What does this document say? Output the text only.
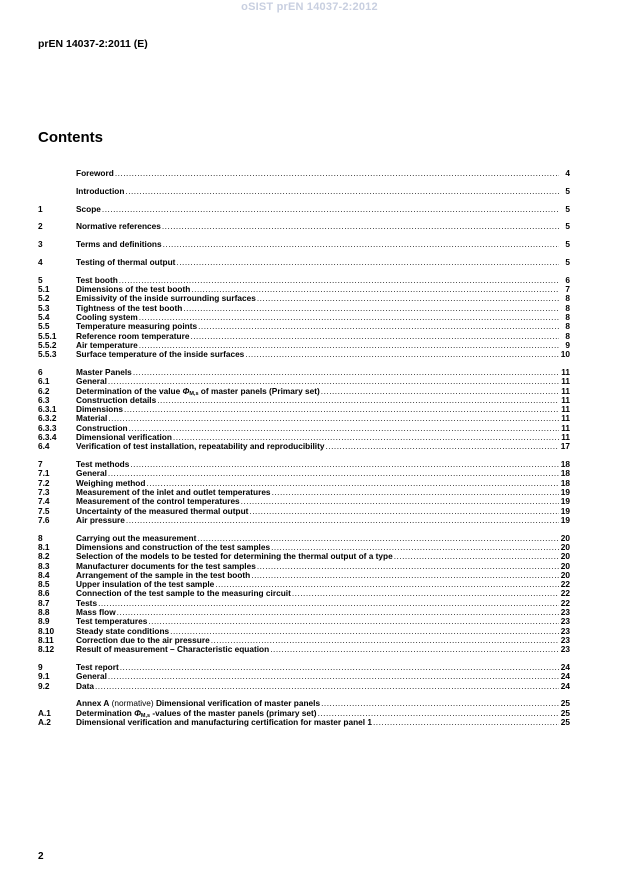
oSIST prEN 14037-2:2012
prEN 14037-2:2011 (E)
Contents
Foreword .....	4
Introduction .....	5
1	Scope .....	5
2	Normative references .....	5
3	Terms and definitions .....	5
4	Testing of thermal output .....	5
5	Test booth .....	6
5.1	Dimensions of the test booth .....	7
5.2	Emissivity of the inside surrounding surfaces .....	8
5.3	Tightness of the test booth .....	8
5.4	Cooling system .....	8
5.5	Temperature measuring points .....	8
5.5.1	Reference room temperature .....	8
5.5.2	Air temperature .....	9
5.5.3	Surface temperature of the inside surfaces .....	10
6	Master Panels .....	11
6.1	General .....	11
6.2	Determination of the value $\Phi_{M,s}$ of master panels (Primary set) .....	11
6.3	Construction details .....	11
6.3.1	Dimensions .....	11
6.3.2	Material .....	11
6.3.3	Construction .....	11
6.3.4	Dimensional verification .....	11
6.4	Verification of test installation, repeatability and reproducibility .....	17
7	Test methods .....	18
7.1	General .....	18
7.2	Weighing method .....	18
7.3	Measurement of the inlet and outlet temperatures .....	19
7.4	Measurement of the control temperatures .....	19
7.5	Uncertainty of the measured thermal output .....	19
7.6	Air pressure .....	19
8	Carrying out the measurement .....	20
8.1	Dimensions and construction of the test samples .....	20
8.2	Selection of the models to be tested for determining the thermal output of a type .....	20
8.3	Manufacturer documents for the test samples .....	20
8.4	Arrangement of the sample in the test booth .....	20
8.5	Upper insulation of the test sample .....	22
8.6	Connection of the test sample to the measuring circuit .....	22
8.7	Tests .....	22
8.8	Mass flow .....	23
8.9	Test temperatures .....	23
8.10	Steady state conditions .....	23
8.11	Correction due to the air pressure .....	23
8.12	Result of measurement – Characteristic equation .....	23
9	Test report .....	24
9.1	General .....	24
9.2	Data .....	24
Annex A (normative) Dimensional verification of master panels .....	25
A.1	Determination $\Phi_{M,s}$ -values of the master panels (primary set) .....	25
A.2	Dimensional verification and manufacturing certification for master panel 1 .....	25
2
